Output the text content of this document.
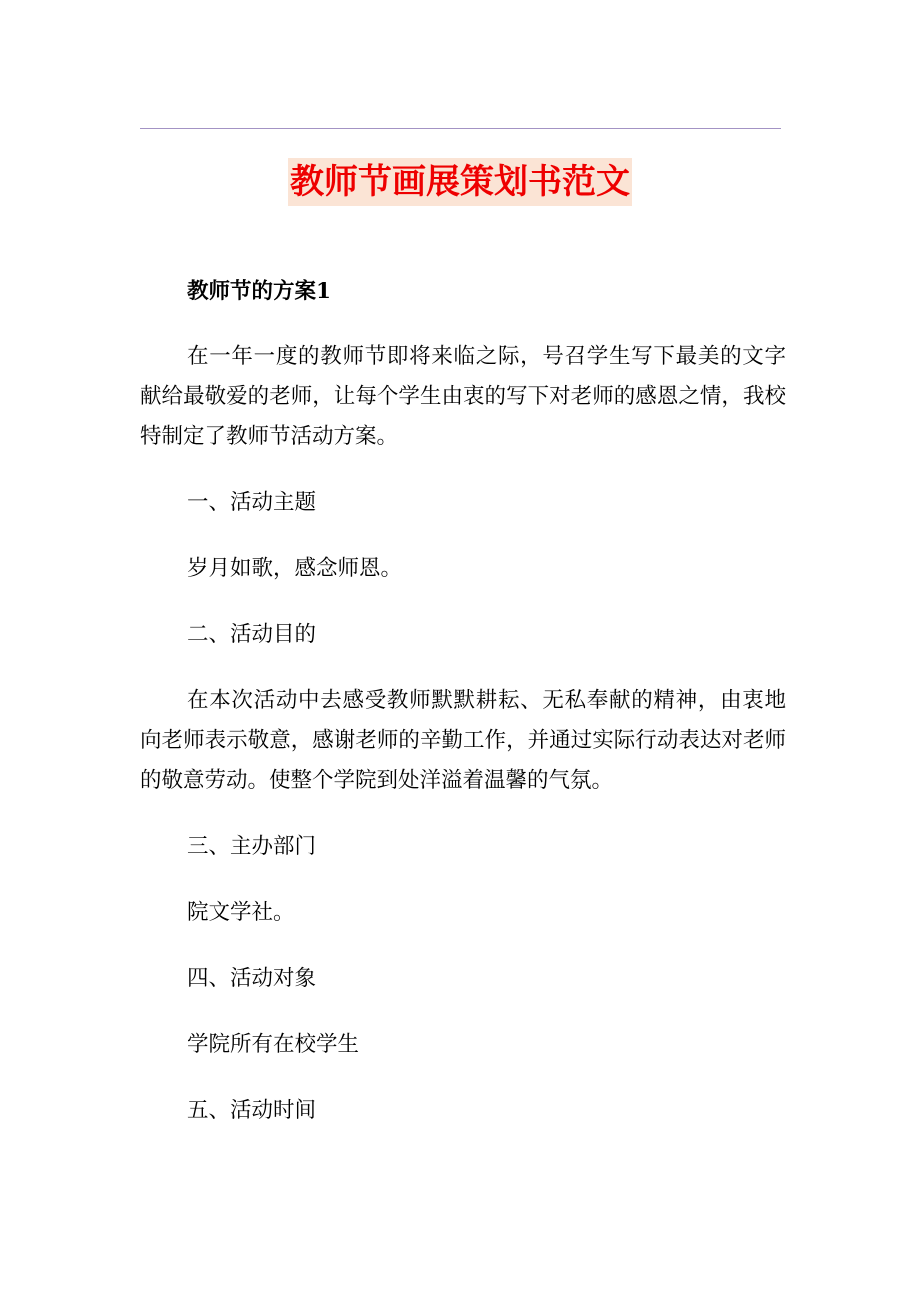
教师节画展策划书范文

教师节的方案1

在一年一度的教师节即将来临之际，号召学生写下最美的文字献给最敬爱的老师，让每个学生由衷的写下对老师的感恩之情，我校特制定了教师节活动方案。

一、活动主题

岁月如歌，感念师恩。

二、活动目的

在本次活动中去感受教师默默耕耘、无私奉献的精神，由衷地向老师表示敬意，感谢老师的辛勤工作，并通过实际行动表达对老师的敬意劳动。使整个学院到处洋溢着温馨的气氛。

三、主办部门

院文学社。

四、活动对象

学院所有在校学生

五、活动时间
